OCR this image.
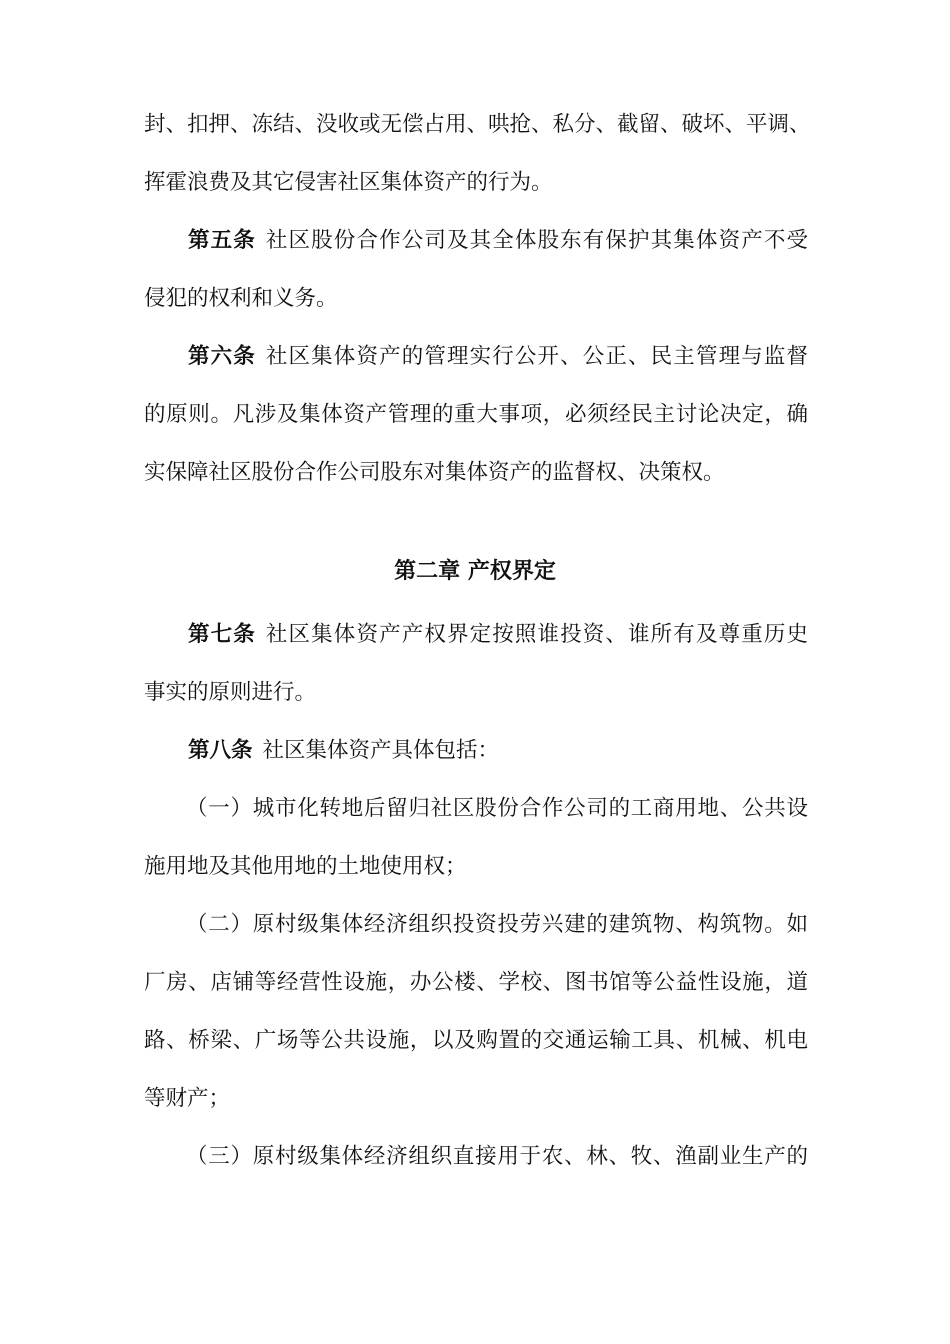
封、扣押、冻结、没收或无偿占用、哄抢、私分、截留、破坏、平调、
挥霍浪费及其它侵害社区集体资产的行为。
第五条 社区股份合作公司及其全体股东有保护其集体资产不受
侵犯的权利和义务。
第六条 社区集体资产的管理实行公开、公正、民主管理与监督
的原则。凡涉及集体资产管理的重大事项，必须经民主讨论决定，确
实保障社区股份合作公司股东对集体资产的监督权、决策权。
第二章 产权界定
第七条 社区集体资产产权界定按照谁投资、谁所有及尊重历史
事实的原则进行。
第八条 社区集体资产具体包括：
（一）城市化转地后留归社区股份合作公司的工商用地、公共设
施用地及其他用地的土地使用权；
（二）原村级集体经济组织投资投劳兴建的建筑物、构筑物。如
厂房、店铺等经营性设施，办公楼、学校、图书馆等公益性设施，道
路、桥梁、广场等公共设施，以及购置的交通运输工具、机械、机电
等财产；
（三）原村级集体经济组织直接用于农、林、牧、渔副业生产的
